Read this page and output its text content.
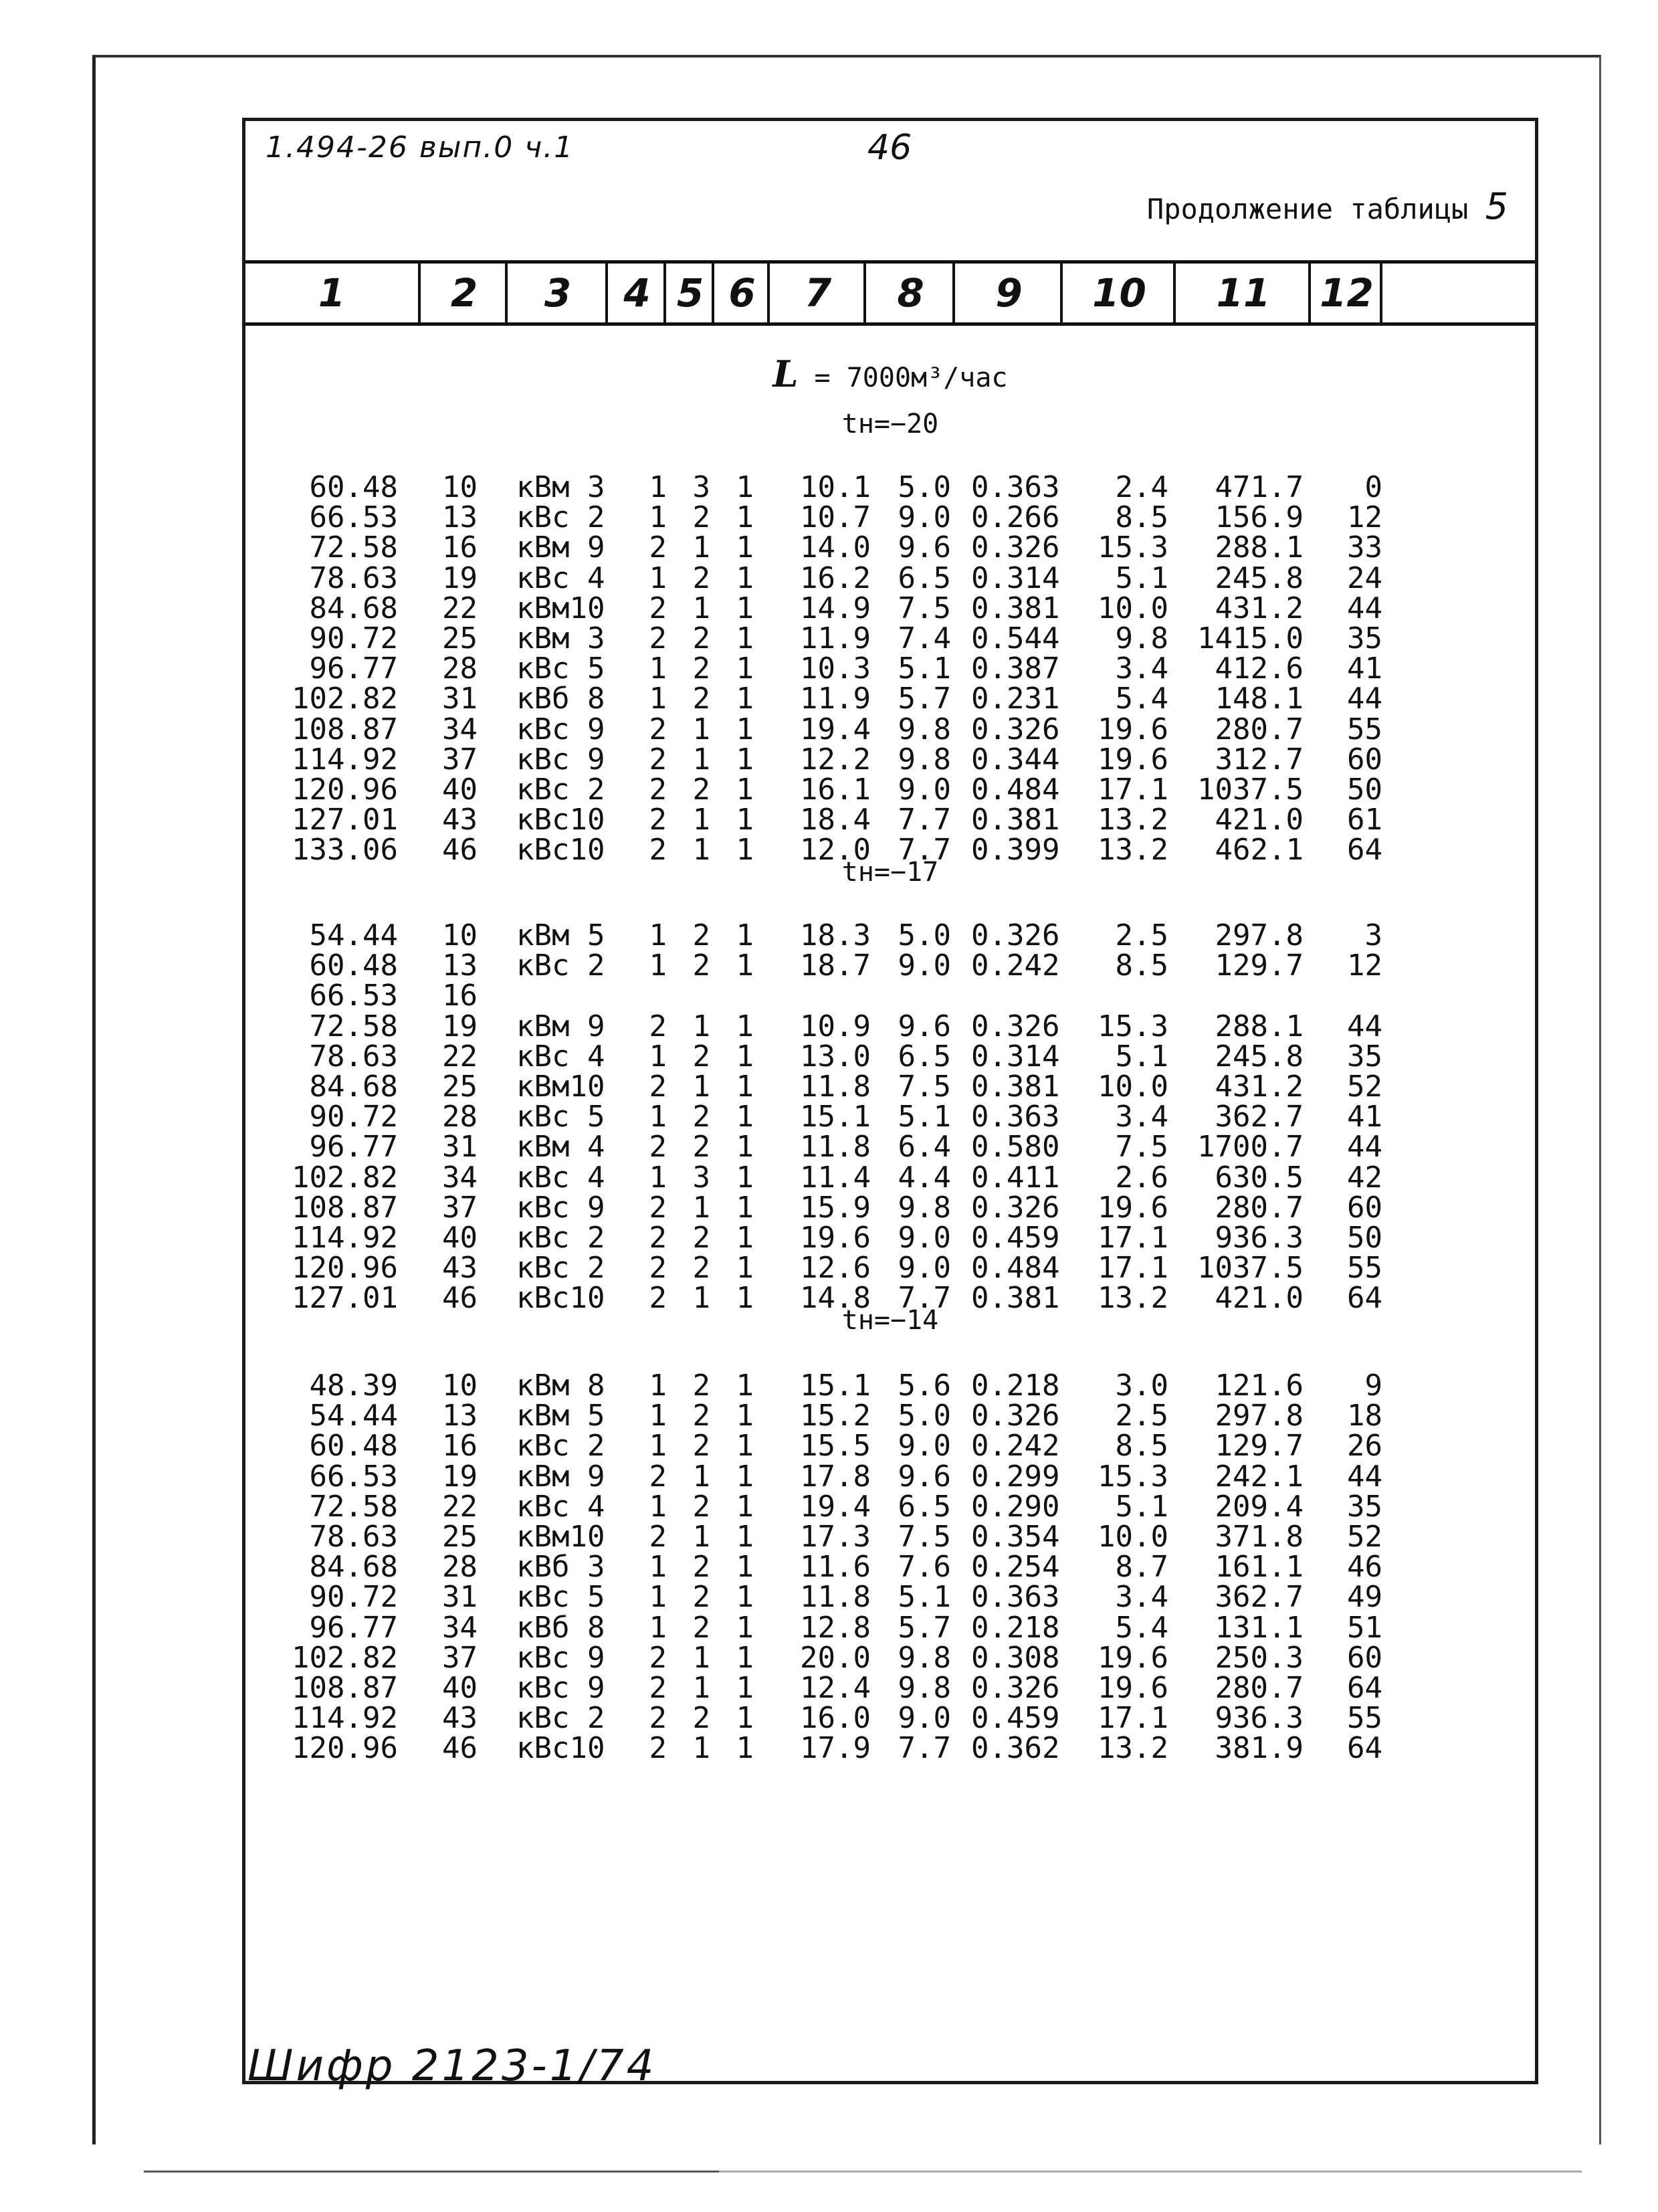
1.494-26 вып.0 ч.1	46
Продолжение таблицы 5
1	2	3	4 5 6	7	8	9	10	11	12
L = 7000м³/час
tн=−20
60.48	10 кВм 3	1 3 1 10.1 5.0 0.363	2.4	471.7	0
66.53	13 кВс 2	1 2 1 10.7 9.0 0.266	8.5	156.9	12
72.58	16 кВм 9	2 1 1 14.0 9.6 0.326	15.3	288.1	33
78.63	19 кВс 4	1 2 1 16.2 6.5 0.314	5.1	245.8	24
84.68	22 кВм10	2 1 1 14.9 7.5 0.381	10.0	431.2	44
90.72	25 кВм 3	2 2 1 11.9 7.4 0.544	9.8 1415.0	35
96.77	28 кВс 5	1 2 1 10.3 5.1 0.387	3.4	412.6	41
102.82	31 кВб 8	1 2 1 11.9 5.7 0.231	5.4	148.1	44
108.87	34 кВс 9	2 1 1 19.4 9.8 0.326	19.6	280.7	55
114.92	37 кВс 9	2 1 1 12.2 9.8 0.344	19.6	312.7	60
120.96	40 кВс 2	2 2 1 16.1 9.0 0.484	17.1 1037.5	50
127.01	43 кВс10	2 1 1 18.4 7.7 0.381	13.2	421.0	61
133.06	46 кВс10	2 1 1 12.0 7.7 0.399	13.2	462.1	64
tн=−17
54.44	10 кВм 5	1 2 1 18.3 5.0 0.326	2.5	297.8	3
60.48	13 кВс 2	1 2 1 18.7 9.0 0.242	8.5	129.7	12
66.53	16
72.58	19 кВм 9	2 1 1 10.9 9.6 0.326	15.3	288.1	44
78.63	22 кВс 4	1 2 1 13.0 6.5 0.314	5.1	245.8	35
84.68	25 кВм10	2 1 1 11.8 7.5 0.381	10.0	431.2	52
90.72	28 кВс 5	1 2 1 15.1 5.1 0.363	3.4	362.7	41
96.77	31 кВм 4	2 2 1 11.8 6.4 0.580	7.5 1700.7	44
102.82	34 кВс 4	1 3 1 11.4 4.4 0.411	2.6	630.5	42
108.87	37 кВс 9	2 1 1 15.9 9.8 0.326	19.6	280.7	60
114.92	40 кВс 2	2 2 1 19.6 9.0 0.459	17.1	936.3	50
120.96	43 кВс 2	2 2 1 12.6 9.0 0.484	17.1 1037.5	55
127.01	46 кВс10	2 1 1 14.8 7.7 0.381	13.2	421.0	64
tн=−14
48.39	10 кВм 8	1 2 1 15.1 5.6 0.218	3.0	121.6	9
54.44	13 кВм 5	1 2 1 15.2 5.0 0.326	2.5	297.8	18
60.48	16 кВс 2	1 2 1 15.5 9.0 0.242	8.5	129.7	26
66.53	19 кВм 9	2 1 1 17.8 9.6 0.299	15.3	242.1	44
72.58	22 кВс 4	1 2 1 19.4 6.5 0.290	5.1	209.4	35
78.63	25 кВм10	2 1 1 17.3 7.5 0.354	10.0	371.8	52
84.68	28 кВб 3	1 2 1 11.6 7.6 0.254	8.7	161.1	46
90.72	31 кВс 5	1 2 1 11.8 5.1 0.363	3.4	362.7	49
96.77	34 кВб 8	1 2 1 12.8 5.7 0.218	5.4	131.1	51
102.82	37 кВс 9	2 1 1 20.0 9.8 0.308	19.6	250.3	60
108.87	40 кВс 9	2 1 1 12.4 9.8 0.326	19.6	280.7	64
114.92	43 кВс 2	2 2 1 16.0 9.0 0.459	17.1	936.3	55
120.96	46 кВс10	2 1 1 17.9 7.7 0.362	13.2	381.9	64
Шифр 2123-1/74
